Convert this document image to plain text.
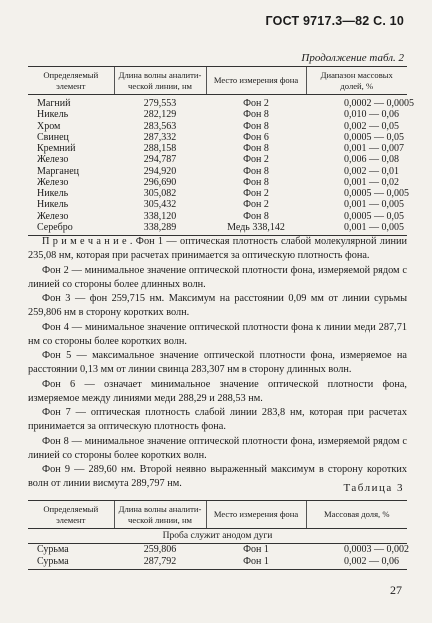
ГОСТ 9717.3—82 С. 10
Продолжение табл. 2
Определяемый элемент	Длина волны аналити-ческой линии, нм	Место измерения фона	Диапазон массовых долей, %
Магний	279,553	Фон 2	0,0002 — 0,0005
Никель	282,129	Фон 8	0,010 — 0,06
Хром	283,563	Фон 8	0,002 — 0,05
Свинец	287,332	Фон 6	0,0005 — 0,05
Кремний	288,158	Фон 8	0,001 — 0,007
Железо	294,787	Фон 2	0,006 — 0,08
Марганец	294,920	Фон 8	0,002 — 0,01
Железо	296,690	Фон 8	0,001 — 0,02
Никель	305,082	Фон 2	0,0005 — 0,005
Никель	305,432	Фон 2	0,001 — 0,005
Железо	338,120	Фон 8	0,0005 — 0,05
Серебро	338,289	Медь 338,142	0,001 — 0,005

П р и м е ч а н и е . Фон 1 — оптическая плотность слабой молекулярной линии 235,08 нм, которая при расчетах принимается за оптическую плотность фона.

Фон 2 — минимальное значение оптической плотности фона, измеряемой рядом с линией со стороны более длинных волн.

Фон 3 — фон 259,715 нм. Максимум на расстоянии 0,09 мм от линии сурьмы 259,806 нм в сторону коротких волн.

Фон 4 — минимальное значение оптической плотности фона к линии меди 287,71 нм со стороны более коротких волн.

Фон 5 — максимальное значение оптической плотности фона, измеряемое на расстоянии 0,13 мм от линии свинца 283,307 нм в сторону длинных волн.

Фон 6 — означает минимальное значение оптической плотности фона, измеряемое между линиями меди 288,29 и 288,53 нм.

Фон 7 — оптическая плотность слабой линии 283,8 нм, которая при расчетах принимается за оптическую плотность фона.

Фон 8 — минимальное значение оптической плотности фона, измеряемой рядом с линией со стороны более коротких волн.

Фон 9 — 289,60 нм. Второй неявно выраженный максимум в сторону коротких волн от линии висмута 289,797 нм.	Таблица 3
Определяемый элемент	Длина волны аналити-ческой линии, нм	Место измерения фона	Массовая доля, %
Проба служит анодом дуги			
Сурьма	259,806	Фон 1	0,0003 — 0,002
Сурьма	287,792	Фон 1	0,002 — 0,06
27
